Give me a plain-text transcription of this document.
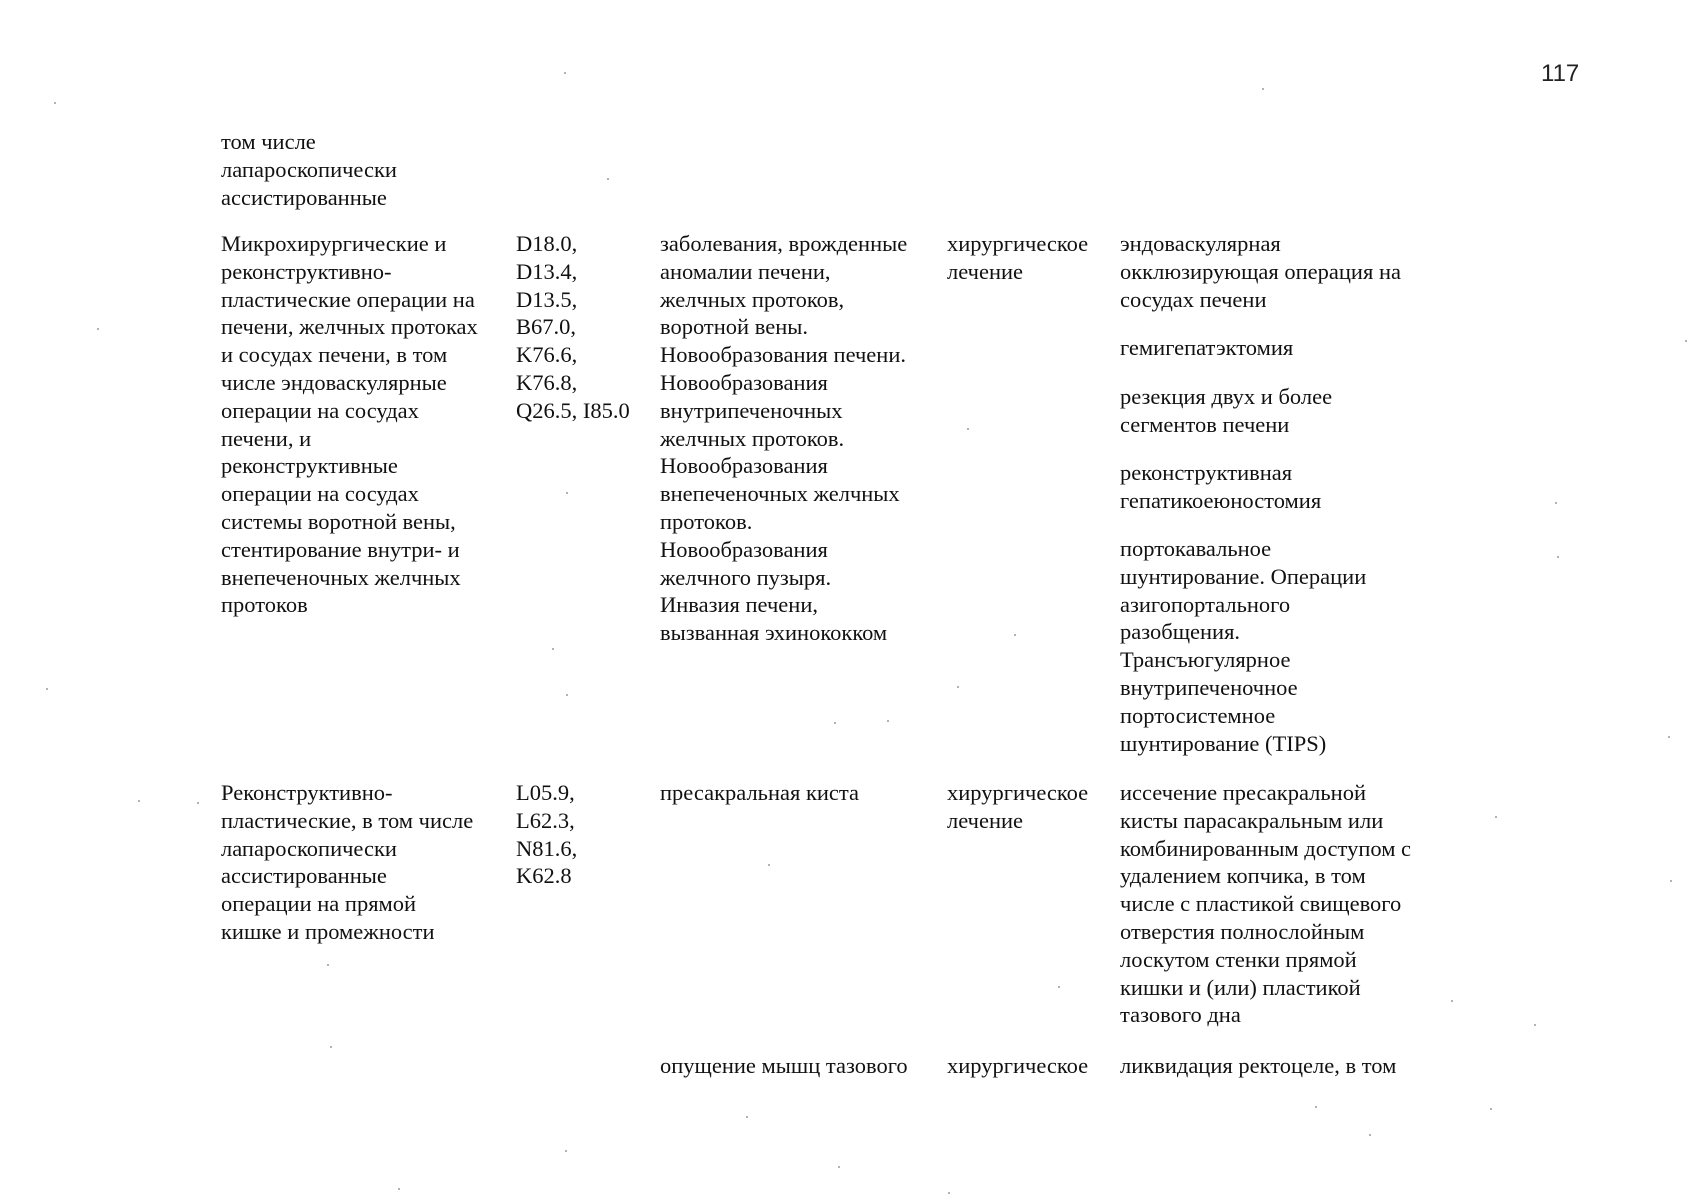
117
том числе
лапароскопически
ассистированные
Микрохирургические и
реконструктивно-
пластические операции на
печени, желчных протоках
и сосудах печени, в том
числе эндоваскулярные
операции на сосудах
печени, и
реконструктивные
операции на сосудах
системы воротной вены,
стентирование внутри- и
внепеченочных желчных
протоков
D18.0,
D13.4,
D13.5,
B67.0,
K76.6,
K76.8,
Q26.5, I85.0
заболевания, врожденные
аномалии печени,
желчных протоков,
воротной вены.
Новообразования печени.
Новообразования
внутрипеченочных
желчных протоков.
Новообразования
внепеченочных желчных
протоков.
Новообразования
желчного пузыря.
Инвазия печени,
вызванная эхинококком
хирургическое
лечение
эндоваскулярная
окклюзирующая операция на
сосудах печени
гемигепатэктомия
резекция двух и более
сегментов печени
реконструктивная
гепатикоеюностомия
портокавальное
шунтирование. Операции
азигопортального
разобщения.
Трансъюгулярное
внутрипеченочное
портосистемное
шунтирование (TIPS)
Реконструктивно-
пластические, в том числе
лапароскопически
ассистированные
операции на прямой
кишке и промежности
L05.9,
L62.3,
N81.6,
K62.8
пресакральная киста	хирургическое
лечение
иссечение пресакральной
кисты парасакральным или
комбинированным доступом с
удалением копчика, в том
числе с пластикой свищевого
отверстия полнослойным
лоскутом стенки прямой
кишки и (или) пластикой
тазового дна
опущение мышц тазового хирургическое ликвидация ректоцеле, в том
